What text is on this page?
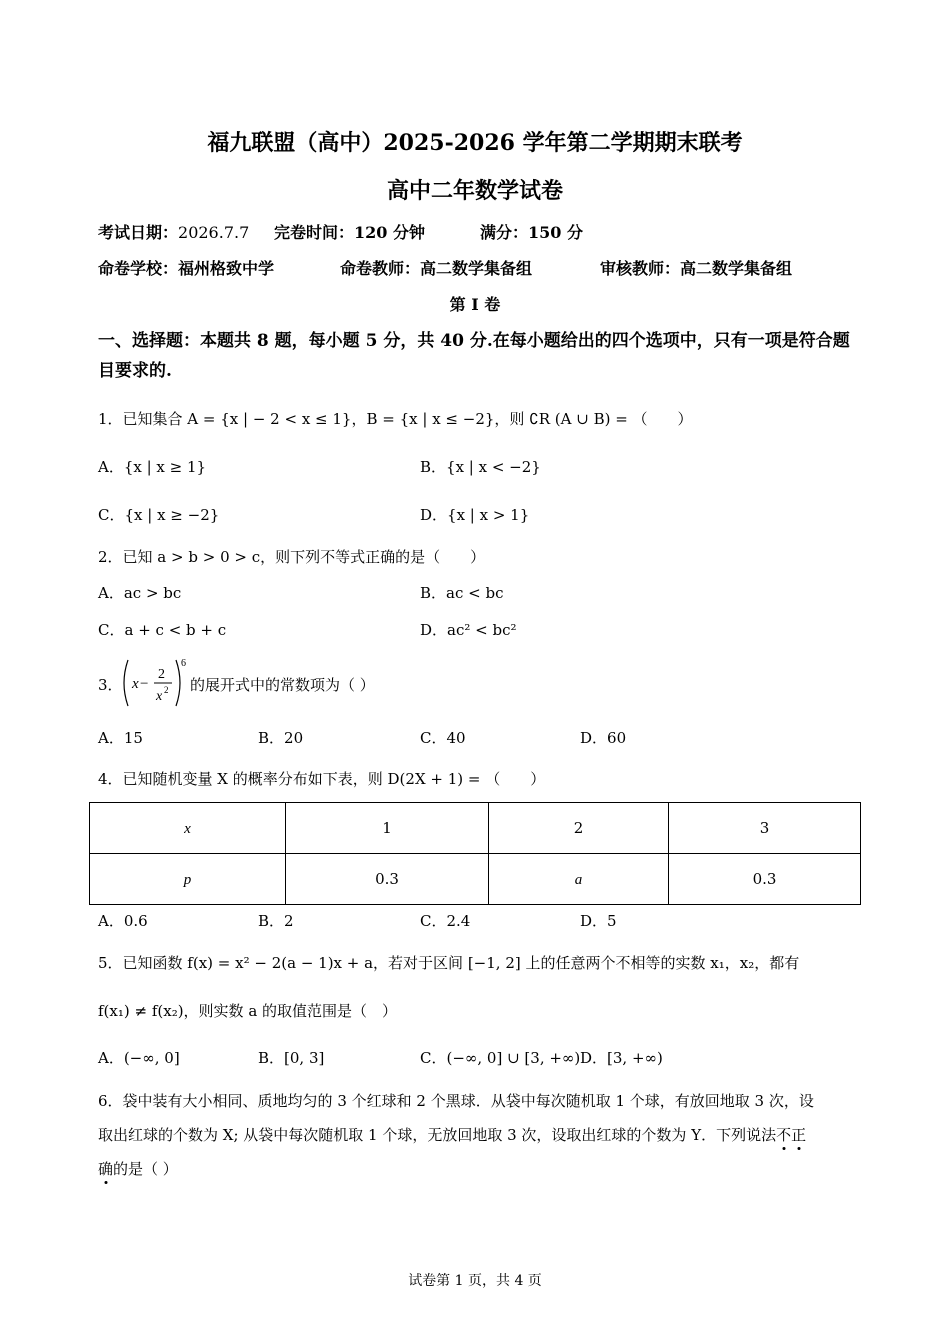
福九联盟（高中）2025-2026 学年第二学期期末联考
高中二年数学试卷
考试日期：2026.7.7 完卷时间：120 分钟	满分：150 分
命卷学校：福州格致中学	命卷教师：高二数学集备组	审核教师：高二数学集备组
第 I 卷
一、选择题：本题共 8 题，每小题 5 分，共 40 分.在每小题给出的四个选项中，只有一项是符合题目要求的.
1．已知集合 A = {x | − 2 < x ≤ 1}，B = {x | x ≤ −2}，则 ∁R (A ∪ B) = （　　）
A．{x | x ≥ 1}	B．{x | x < −2}
C．{x | x ≥ −2}	D．{x | x > 1}
2．已知 a > b > 0 > c，则下列不等式正确的是（　　）
A．ac > bc	B．ac < bc
C．a + c < b + c	D．ac² < bc²
3． x −
2
x 2
6
的展开式中的常数项为（ ）
A．15	B．20	C．40	D．60
4．已知随机变量 X 的概率分布如下表，则 D(2X + 1) = （　　）
x	1	2	3
p	0.3	a	0.3
A．0.6	B．2	C．2.4	D．5
5．已知函数 f(x) = x² − 2(a − 1)x + a，若对于区间 [−1, 2] 上的任意两个不相等的实数 x₁，x₂，都有
f(x₁) ≠ f(x₂)，则实数 a 的取值范围是（　）
A．(−∞, 0]	B．[0, 3]	C．(−∞, 0] ∪ [3, +∞) D．[3, +∞)
6．袋中装有大小相同、质地均匀的 3 个红球和 2 个黑球．从袋中每次随机取 1 个球，有放回地取 3 次，设
取出红球的个数为 X; 从袋中每次随机取 1 个球，无放回地取 3 次，设取出红球的个数为 Y．下列说法不正
确的是（ ）
试卷第 1 页，共 4 页
